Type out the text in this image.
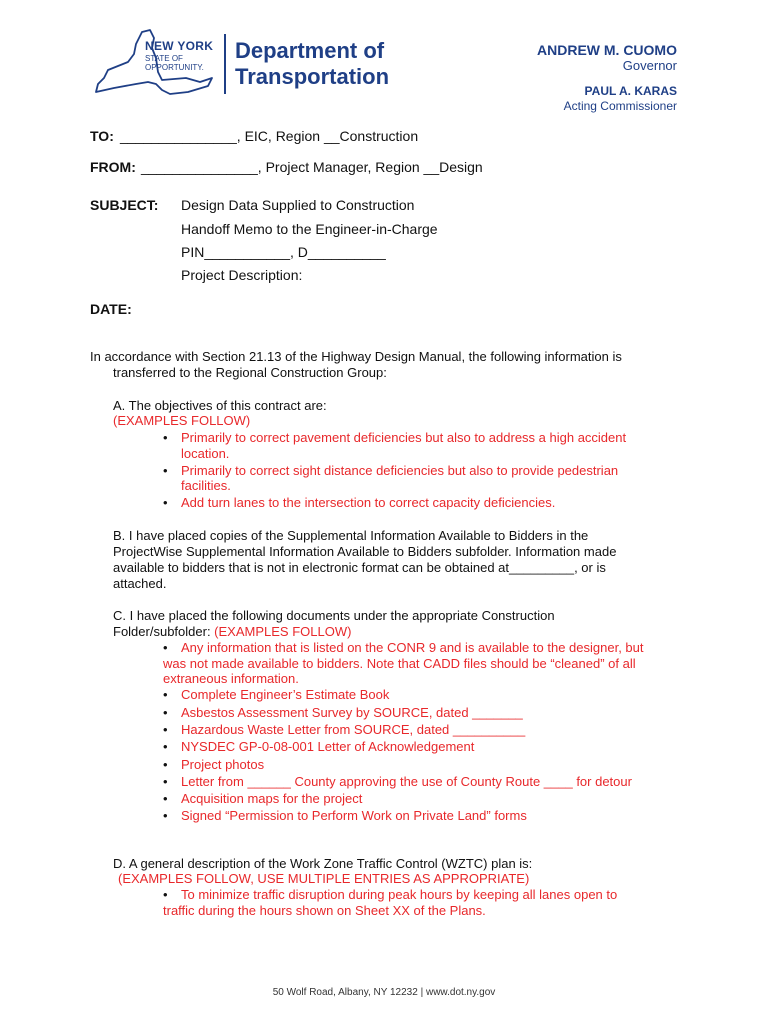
NEW YORK
STATE OF
OPPORTUNITY.
Department of
Transportation
ANDREW M. CUOMO
Governor
PAUL A. KARAS
Acting Commissioner
TO: _______________, EIC, Region __Construction
FROM: _______________, Project Manager, Region __Design
SUBJECT: Design Data Supplied to Construction
Handoff Memo to the Engineer-in-Charge
PIN___________, D__________
Project Description:
DATE:
In accordance with Section 21.13 of the Highway Design Manual, the following information is
transferred to the Regional Construction Group:
A. The objectives of this contract are:
(EXAMPLES FOLLOW)
• Primarily to correct pavement deficiencies but also to address a high accident
location.
• Primarily to correct sight distance deficiencies but also to provide pedestrian
facilities.
• Add turn lanes to the intersection to correct capacity deficiencies.
B. I have placed copies of the Supplemental Information Available to Bidders in the
ProjectWise Supplemental Information Available to Bidders subfolder. Information made
available to bidders that is not in electronic format can be obtained at_________, or is
attached.
C. I have placed the following documents under the appropriate Construction
Folder/subfolder: (EXAMPLES FOLLOW)
• Any information that is listed on the CONR 9 and is available to the designer, but
was not made available to bidders. Note that CADD files should be “cleaned” of all
extraneous information.
• Complete Engineer’s Estimate Book
• Asbestos Assessment Survey by SOURCE, dated _______
• Hazardous Waste Letter from SOURCE, dated __________
• NYSDEC GP-0-08-001 Letter of Acknowledgement
• Project photos
• Letter from ______ County approving the use of County Route ____ for detour
• Acquisition maps for the project
• Signed “Permission to Perform Work on Private Land” forms
D. A general description of the Work Zone Traffic Control (WZTC) plan is:
(EXAMPLES FOLLOW, USE MULTIPLE ENTRIES AS APPROPRIATE)
• To minimize traffic disruption during peak hours by keeping all lanes open to
traffic during the hours shown on Sheet XX of the Plans.
50 Wolf Road, Albany, NY 12232 | www.dot.ny.gov
